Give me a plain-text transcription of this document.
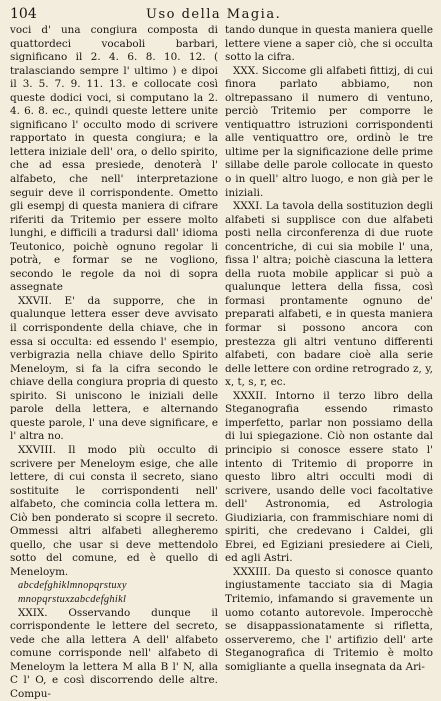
104	Uso della Magia.

voci d' una congiura composta di quattordeci vocaboli barbari, significano il 2. 4. 6. 8. 10. 12. ( tralasciando sempre l' ultimo ) e dipoi il 3. 5. 7. 9. 11. 13. e collocate così queste dodici voci, si computano la 2. 4. 6. 8. ec., quindi queste lettere unite significano l' occulto modo di scrivere rapportato in questa congiura; e la lettera iniziale dell' ora, o dello spirito, che ad essa presiede, denoterà l' alfabeto, che nell' interpretazione seguir deve il corrispondente. Ometto gli esempj di questa maniera di cifrare riferiti da Tritemio per essere molto lunghi, e difficili a tradursi dall' idioma Teutonico, poichè ognuno regolar li potrà, e formar se ne vogliono, secondo le regole da noi di sopra assegnate

XXVII. E' da supporre, che in qualunque lettera esser deve avvisato il corrispondente della chiave, che in essa si occulta: ed essendo l' esempio, verbigrazia nella chiave dello Spirito Meneloym, si fa la cifra secondo le chiave della congiura propria di questo spirito. Si uniscono le iniziali delle parole della lettera, e alternando queste parole, l' una deve significare, e l' altra no.

XXVIII. Il modo più occulto di scrivere per Meneloym esige, che alle lettere, di cui consta il secreto, siano sostituite le corrispondenti nell' alfabeto, che comincia colla lettera m. Ciò ben ponderato si scopre il secreto. Ommessi altri alfabeti allegheremo quello, che usar si deve mettendolo sotto del comune, ed è quello di Meneloym.

abcdefghiklmnopqrstuxy
mnopqrstuxzabcdefghikl

XXIX. Osservando dunque il corrispondente le lettere del secreto, vede che alla lettera A dell' alfabeto comune corrisponde nell' alfabeto di Meneloym la lettera M alla B l' N, alla C l' O, e così discorrendo delle altre. Compu-

tando dunque in questa maniera quelle lettere viene a saper ciò, che si occulta sotto la cifra.

XXX. Siccome gli alfabeti fittizj, di cui finora parlato abbiamo, non oltrepassano il numero di ventuno, perciò Tritemio per comporre le ventiquattro istruzioni corrispondenti alle ventiquattro ore, ordinò le tre ultime per la significazione delle prime sillabe delle parole collocate in questo o in quell' altro luogo, e non già per le iniziali.

XXXI. La tavola della sostituzion degli alfabeti si supplisce con due alfabeti posti nella circonferenza di due ruote concentriche, di cui sia mobile l' una, fissa l' altra; poichè ciascuna la lettera della ruota mobile applicar si può a qualunque lettera della fissa, così formasi prontamente ognuno de' preparati alfabeti, e in questa maniera formar si possono ancora con prestezza gli altri ventuno differenti alfabeti, con badare cioè alla serie delle lettere con ordine retrogrado z, y, x, t, s, r, ec.

XXXII. Intorno il terzo libro della Steganografia essendo rimasto imperfetto, parlar non possiamo della di lui spiegazione. Ciò non ostante dal principio si conosce essere stato l' intento di Tritemio di proporre in questo libro altri occulti modi di scrivere, usando delle voci facoltative dell' Astronomia, ed Astrologia Giudiziaria, con frammischiare nomi di spiriti, che credevano i Caldei, gli Ebrei, ed Egiziani presiedere ai Cieli, ed agli Astri.

XXXIII. Da questo si conosce quanto ingiustamente tacciato sia di Magia Tritemio, infamando si gravemente un uomo cotanto autorevole. Imperocchè se disappassionatamente si rifletta, osserveremo, che l' artifizio dell' arte Steganografica di Tritemio è molto somigliante a quella insegnata da Ari-
